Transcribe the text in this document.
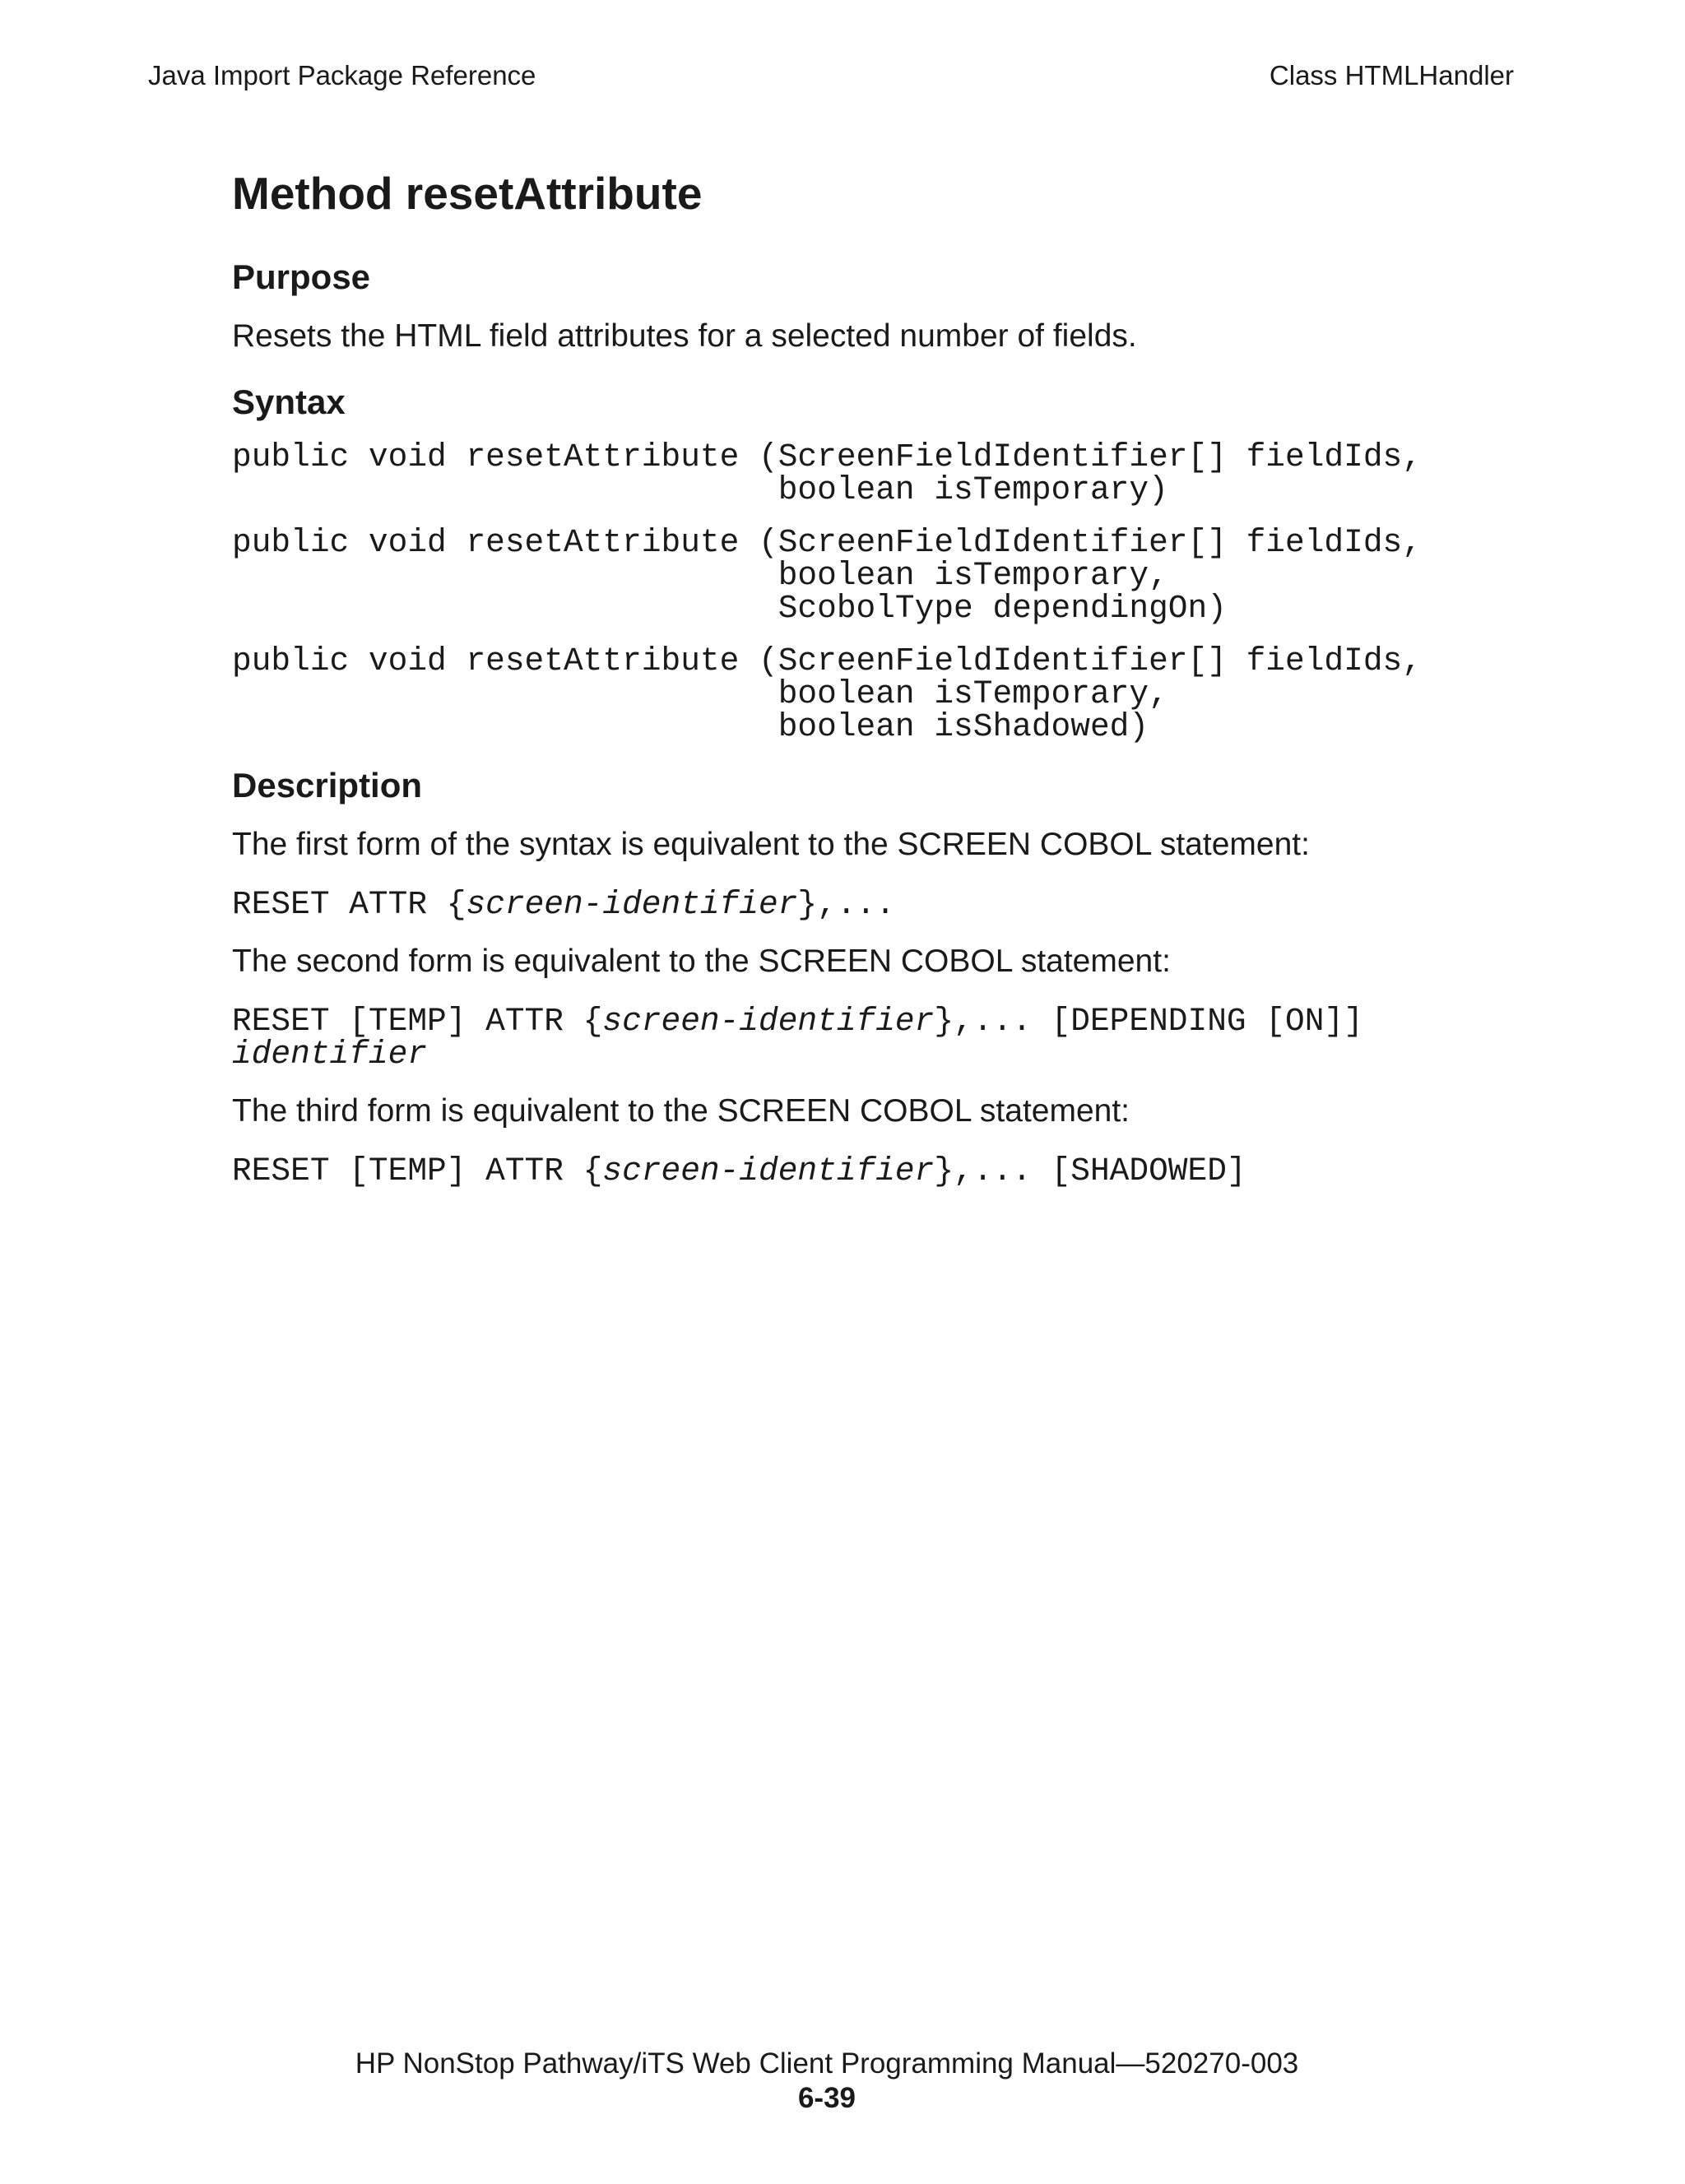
Java Import Package Reference	Class HTMLHandler
Method resetAttribute
Purpose

Resets the HTML field attributes for a selected number of fields.

Syntax
public void resetAttribute (ScreenFieldIdentifier[] fieldIds,
boolean isTemporary)
public void resetAttribute (ScreenFieldIdentifier[] fieldIds,
boolean isTemporary,
ScobolType dependingOn)
public void resetAttribute (ScreenFieldIdentifier[] fieldIds,
boolean isTemporary,
boolean isShadowed)
Description

The first form of the syntax is equivalent to the SCREEN COBOL statement:

RESET ATTR {screen-identifier},...

The second form is equivalent to the SCREEN COBOL statement:

RESET [TEMP] ATTR {screen-identifier},... [DEPENDING [ON]]
identifier

The third form is equivalent to the SCREEN COBOL statement:

RESET [TEMP] ATTR {screen-identifier},... [SHADOWED]
HP NonStop Pathway/iTS Web Client Programming Manual—520270-003
6-39
